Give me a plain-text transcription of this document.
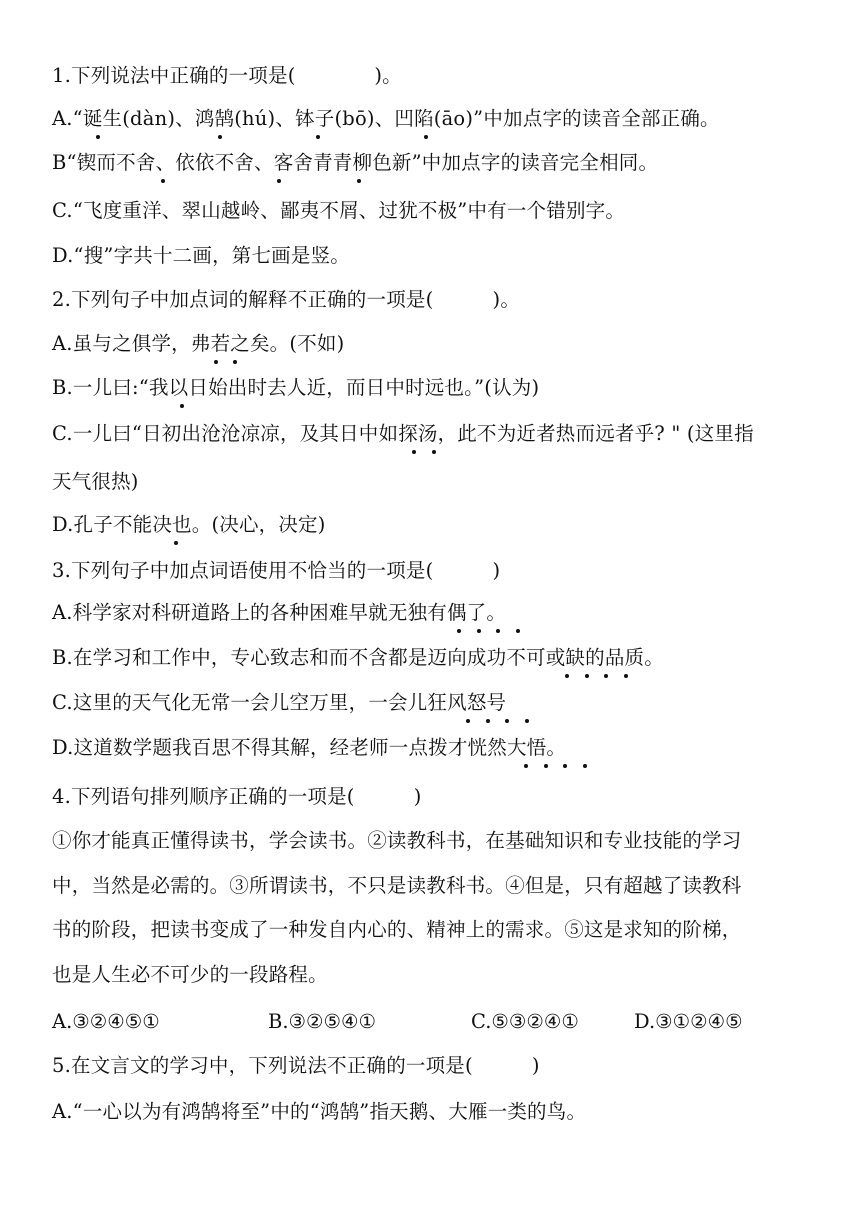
1.下列说法中正确的一项是(　　　　)。
A.“诞生(dàn)、鸿鹄(hú)、钵子(bō)、凹陷(āo)”中加点字的读音全部正确。
B“锲而不舍、依依不舍、客舍青青柳色新”中加点字的读音完全相同。
C.“飞度重洋、翠山越岭、鄙夷不屑、过犹不极”中有一个错别字。
D.“搜”字共十二画，第七画是竖。
2.下列句子中加点词的解释不正确的一项是(　　　)。
A.虽与之俱学，弗若之矣。(不如)
B.一儿曰:“我以日始出时去人近，而日中时远也。”(认为)
C.一儿曰“日初出沧沧凉凉，及其日中如探汤，此不为近者热而远者乎? " (这里指
天气很热)
D.孔子不能决也。(决心，决定)
3.下列句子中加点词语使用不恰当的一项是(　　　)
A.科学家对科研道路上的各种困难早就无独有偶了。
B.在学习和工作中，专心致志和而不含都是迈向成功不可或缺的品质。
C.这里的天气化无常一会儿空万里，一会儿狂风怒号
D.这道数学题我百思不得其解，经老师一点拨才恍然大悟。
4.下列语句排列顺序正确的一项是(　　　)
①你才能真正懂得读书，学会读书。②读教科书，在基础知识和专业技能的学习
中，当然是必需的。③所谓读书，不只是读教科书。④但是，只有超越了读教科
书的阶段，把读书变成了一种发自内心的、精神上的需求。⑤这是求知的阶梯，
也是人生必不可少的一段路程。
A.③②④⑤①	B.③②⑤④①	C.⑤③②④①	D.③①②④⑤
5.在文言文的学习中，下列说法不正确的一项是(　　　)
A.“一心以为有鸿鹄将至”中的“鸿鹄”指天鹅、大雁一类的鸟。
